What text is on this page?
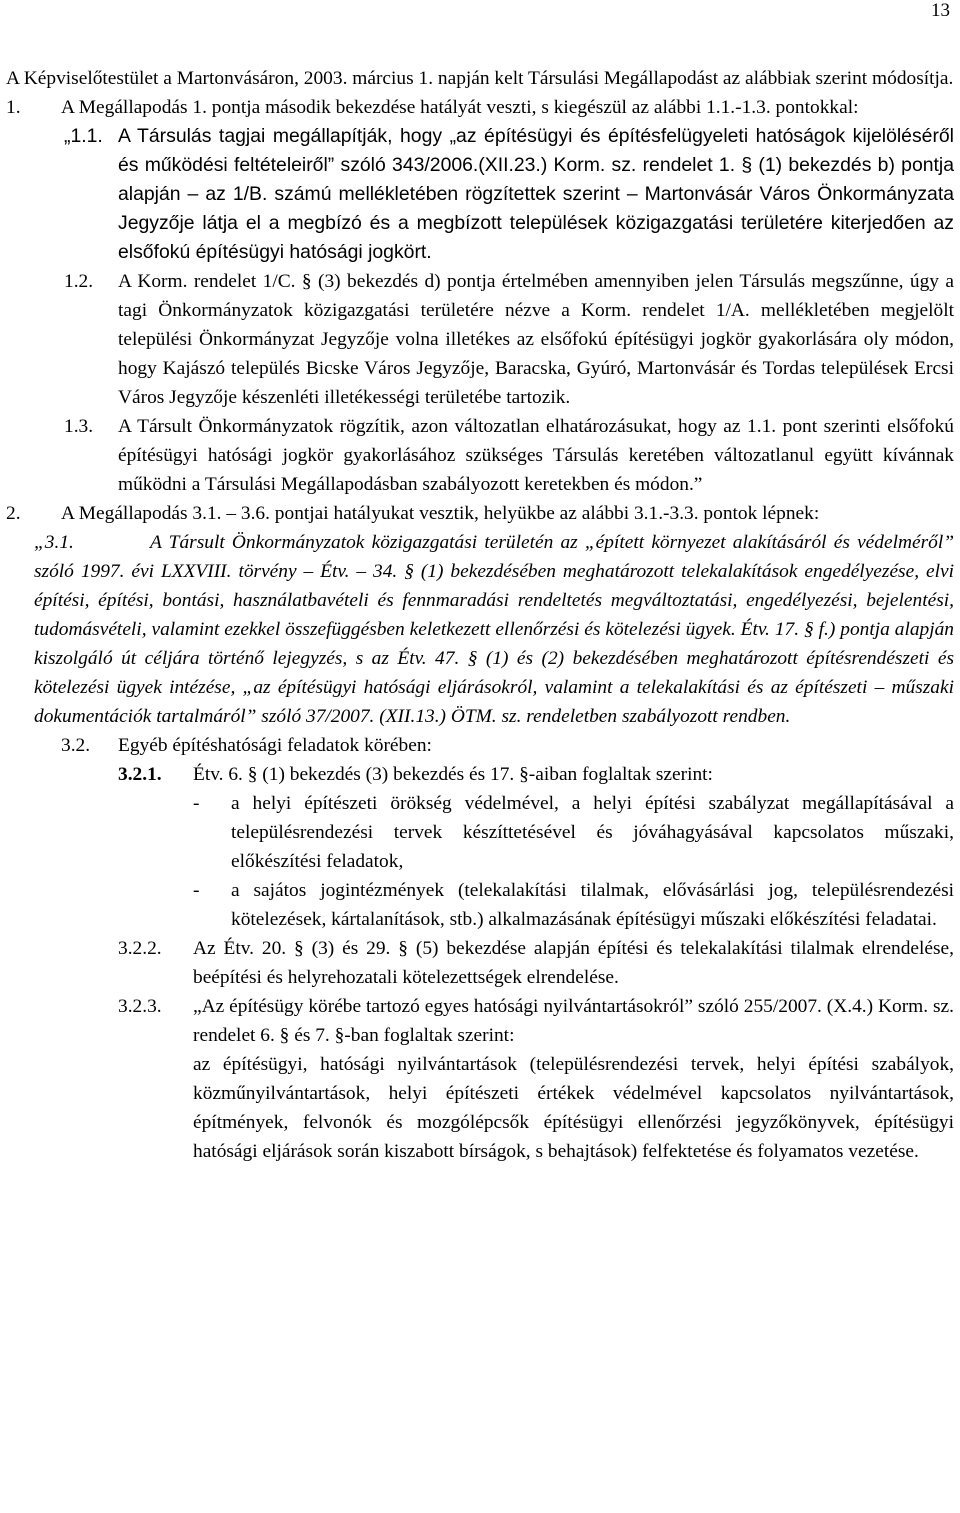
13

A Képviselőtestület a Martonvásáron, 2003. március 1. napján kelt Társulási Megállapodást az alábbiak szerint módosítja.

1.	A Megállapodás 1. pontja második bekezdése hatályát veszti, s kiegészül az alábbi 1.1.-1.3. pontokkal:
„1.1. A Társulás tagjai megállapítják, hogy „az építésügyi és építésfelügyeleti hatóságok kijelöléséről és működési feltételeiről” szóló 343/2006.(XII.23.) Korm. sz. rendelet 1. § (1) bekezdés b) pontja alapján – az 1/B. számú mellékletében rögzítettek szerint – Martonvásár Város Önkormányzata Jegyzője látja el a megbízó és a megbízott települések közigazgatási területére kiterjedően az elsőfokú építésügyi hatósági jogkört.
1.2.	A Korm. rendelet 1/C. § (3) bekezdés d) pontja értelmében amennyiben jelen Társulás megszűnne, úgy a tagi Önkormányzatok közigazgatási területére nézve a Korm. rendelet 1/A. mellékletében megjelölt települési Önkormányzat Jegyzője volna illetékes az elsőfokú építésügyi jogkör gyakorlására oly módon, hogy Kajászó település Bicske Város Jegyzője, Baracska, Gyúró, Martonvásár és Tordas települések Ercsi Város Jegyzője készenléti illetékességi területébe tartozik.
1.3.	A Társult Önkormányzatok rögzítik, azon változatlan elhatározásukat, hogy az 1.1. pont szerinti elsőfokú építésügyi hatósági jogkör gyakorlásához szükséges Társulás keretében változatlanul együtt kívánnak működni a Társulási Megállapodásban szabályozott keretekben és módon.”
2.	A Megállapodás 3.1. – 3.6. pontjai hatályukat vesztik, helyükbe az alábbi 3.1.-3.3. pontok lépnek:

„3.1.	A Társult Önkormányzatok közigazgatási területén az „épített környezet alakításáról és védelméről” szóló 1997. évi LXXVIII. törvény – Étv. – 34. § (1) bekezdésében meghatározott telekalakítások engedélyezése, elvi építési, építési, bontási, használatbavételi és fennmaradási rendeltetés megváltoztatási, engedélyezési, bejelentési, tudomásvételi, valamint ezekkel összefüggésben keletkezett ellenőrzési és kötelezési ügyek. Étv. 17. § f.) pontja alapján kiszolgáló út céljára történő lejegyzés, s az Étv. 47. § (1) és (2) bekezdésében meghatározott építésrendészeti és kötelezési ügyek intézése, „az építésügyi hatósági eljárásokról, valamint a telekalakítási és az építészeti – műszaki dokumentációk tartalmáról” szóló 37/2007. (XII.13.) ÖTM. sz. rendeletben szabályozott rendben.

3.2.	Egyéb építéshatósági feladatok körében:
3.2.1.	Étv. 6. § (1) bekezdés (3) bekezdés és 17. §-aiban foglaltak szerint:
-	a helyi építészeti örökség védelmével, a helyi építési szabályzat megállapításával a településrendezési tervek készíttetésével és jóváhagyásával kapcsolatos műszaki, előkészítési feladatok,
-	a sajátos jogintézmények (telekalakítási tilalmak, elővásárlási jog, településrendezési kötelezések, kártalanítások, stb.) alkalmazásának építésügyi műszaki előkészítési feladatai.
3.2.2.	Az Étv. 20. § (3) és 29. § (5) bekezdése alapján építési és telekalakítási tilalmak elrendelése, beépítési és helyrehozatali kötelezettségek elrendelése.
3.2.3.	„Az építésügy körébe tartozó egyes hatósági nyilvántartásokról” szóló 255/2007. (X.4.) Korm. sz. rendelet 6. § és 7. §-ban foglaltak szerint:

az építésügyi, hatósági nyilvántartások (településrendezési tervek, helyi építési szabályok, közműnyilvántartások, helyi építészeti értékek védelmével kapcsolatos nyilvántartások, építmények, felvonók és mozgólépcsők építésügyi ellenőrzési jegyzőkönyvek, építésügyi hatósági eljárások során kiszabott bírságok, s behajtások) felfektetése és folyamatos vezetése.
